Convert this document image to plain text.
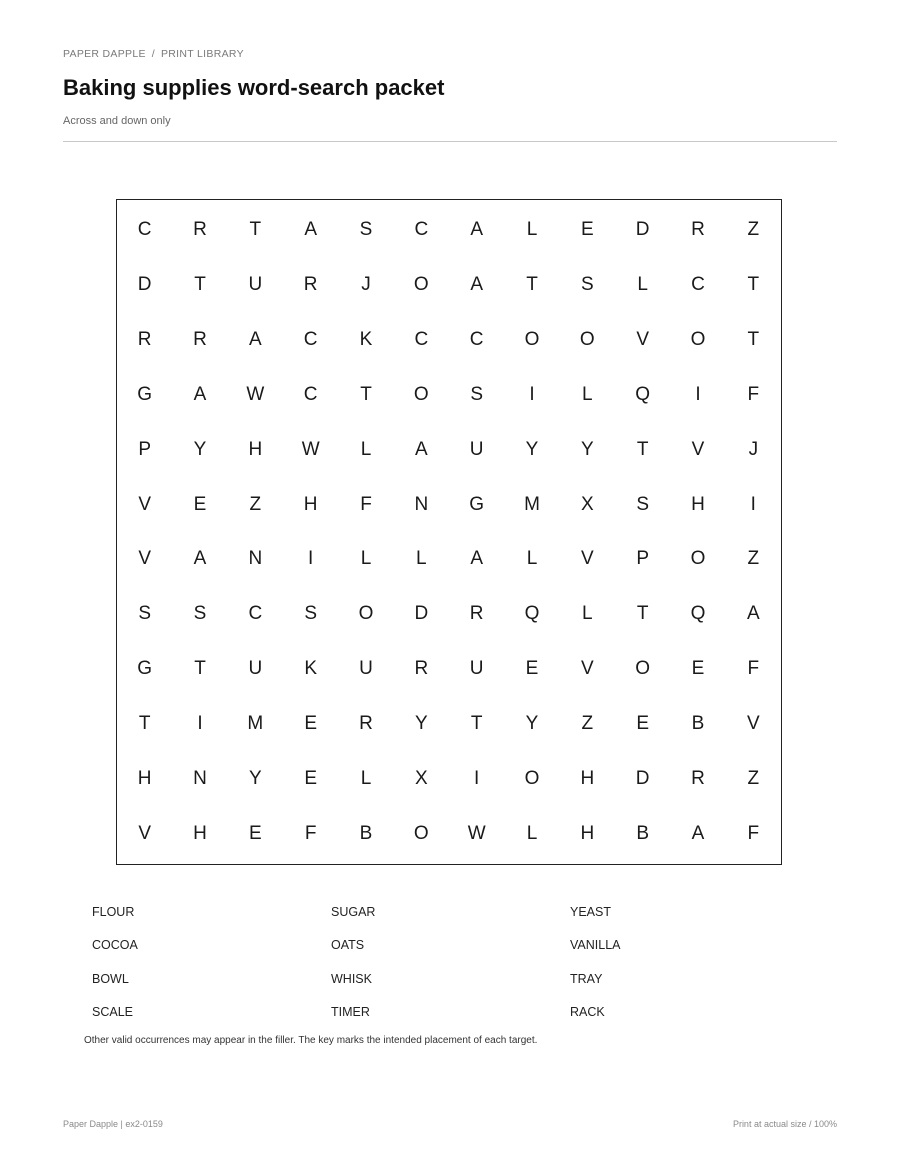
PAPER DAPPLE / PRINT LIBRARY
Baking supplies word-search packet
Across and down only
C	R	T	A	S	C	A	L	E	D	R	Z
D	T	U	R	J	O	A	T	S	L	C	T
R	R	A	C	K	C	C	O	O	V	O	T
G	A	W	C	T	O	S	I	L	Q	I	F
P	Y	H	W	L	A	U	Y	Y	T	V	J
V	E	Z	H	F	N	G	M	X	S	H	I
V	A	N	I	L	L	A	L	V	P	O	Z
S	S	C	S	O	D	R	Q	L	T	Q	A
G	T	U	K	U	R	U	E	V	O	E	F
T	I	M	E	R	Y	T	Y	Z	E	B	V
H	N	Y	E	L	X	I	O	H	D	R	Z
V	H	E	F	B	O	W	L	H	B	A	F
FLOUR	SUGAR	YEAST
COCOA	OATS	VANILLA
BOWL	WHISK	TRAY
SCALE	TIMER	RACK
Other valid occurrences may appear in the filler. The key marks the intended placement of each target.
Paper Dapple | ex2-0159	Print at actual size / 100%
